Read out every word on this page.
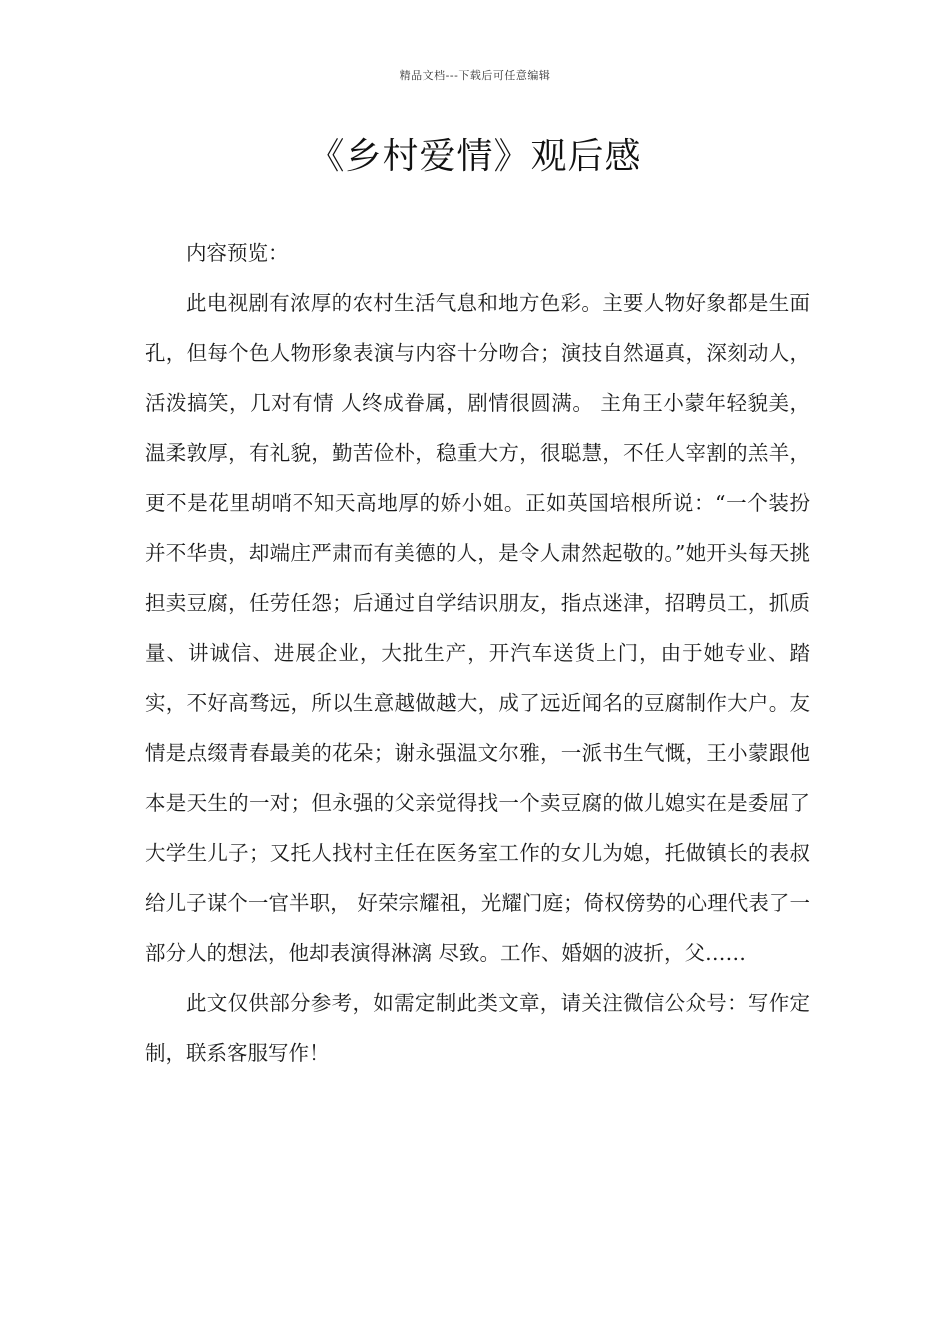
精品文档---下载后可任意编辑
《乡村爱情》观后感

内容预览：

此电视剧有浓厚的农村生活气息和地方色彩。主要人物好象都是生面孔，但每个色人物形象表演与内容十分吻合；演技自然逼真，深刻动人，活泼搞笑，几对有情 人终成眷属，剧情很圆满。 主角王小蒙年轻貌美，温柔敦厚，有礼貌，勤苦俭朴，稳重大方，很聪慧，不任人宰割的羔羊，更不是花里胡哨不知天高地厚的娇小姐。正如英国培根所说：“一个装扮并不华贵，却端庄严肃而有美德的人，是令人肃然起敬的。”她开头每天挑担卖豆腐，任劳任怨；后通过自学结识朋友，指点迷津，招聘员工，抓质量、讲诚信、进展企业，大批生产，开汽车送货上门，由于她专业、踏实，不好高骛远，所以生意越做越大，成了远近闻名的豆腐制作大户。友情是点缀青春最美的花朵；谢永强温文尔雅，一派书生气慨，王小蒙跟他本是天生的一对；但永强的父亲觉得找一个卖豆腐的做儿媳实在是委屈了大学生儿子；又托人找村主任在医务室工作的女儿为媳，托做镇长的表叔给儿子谋个一官半职， 好荣宗耀祖，光耀门庭；倚权傍势的心理代表了一部分人的想法，他却表演得淋漓 尽致。工作、婚姻的波折，父……

此文仅供部分参考，如需定制此类文章，请关注微信公众号：写作定制，联系客服写作！
